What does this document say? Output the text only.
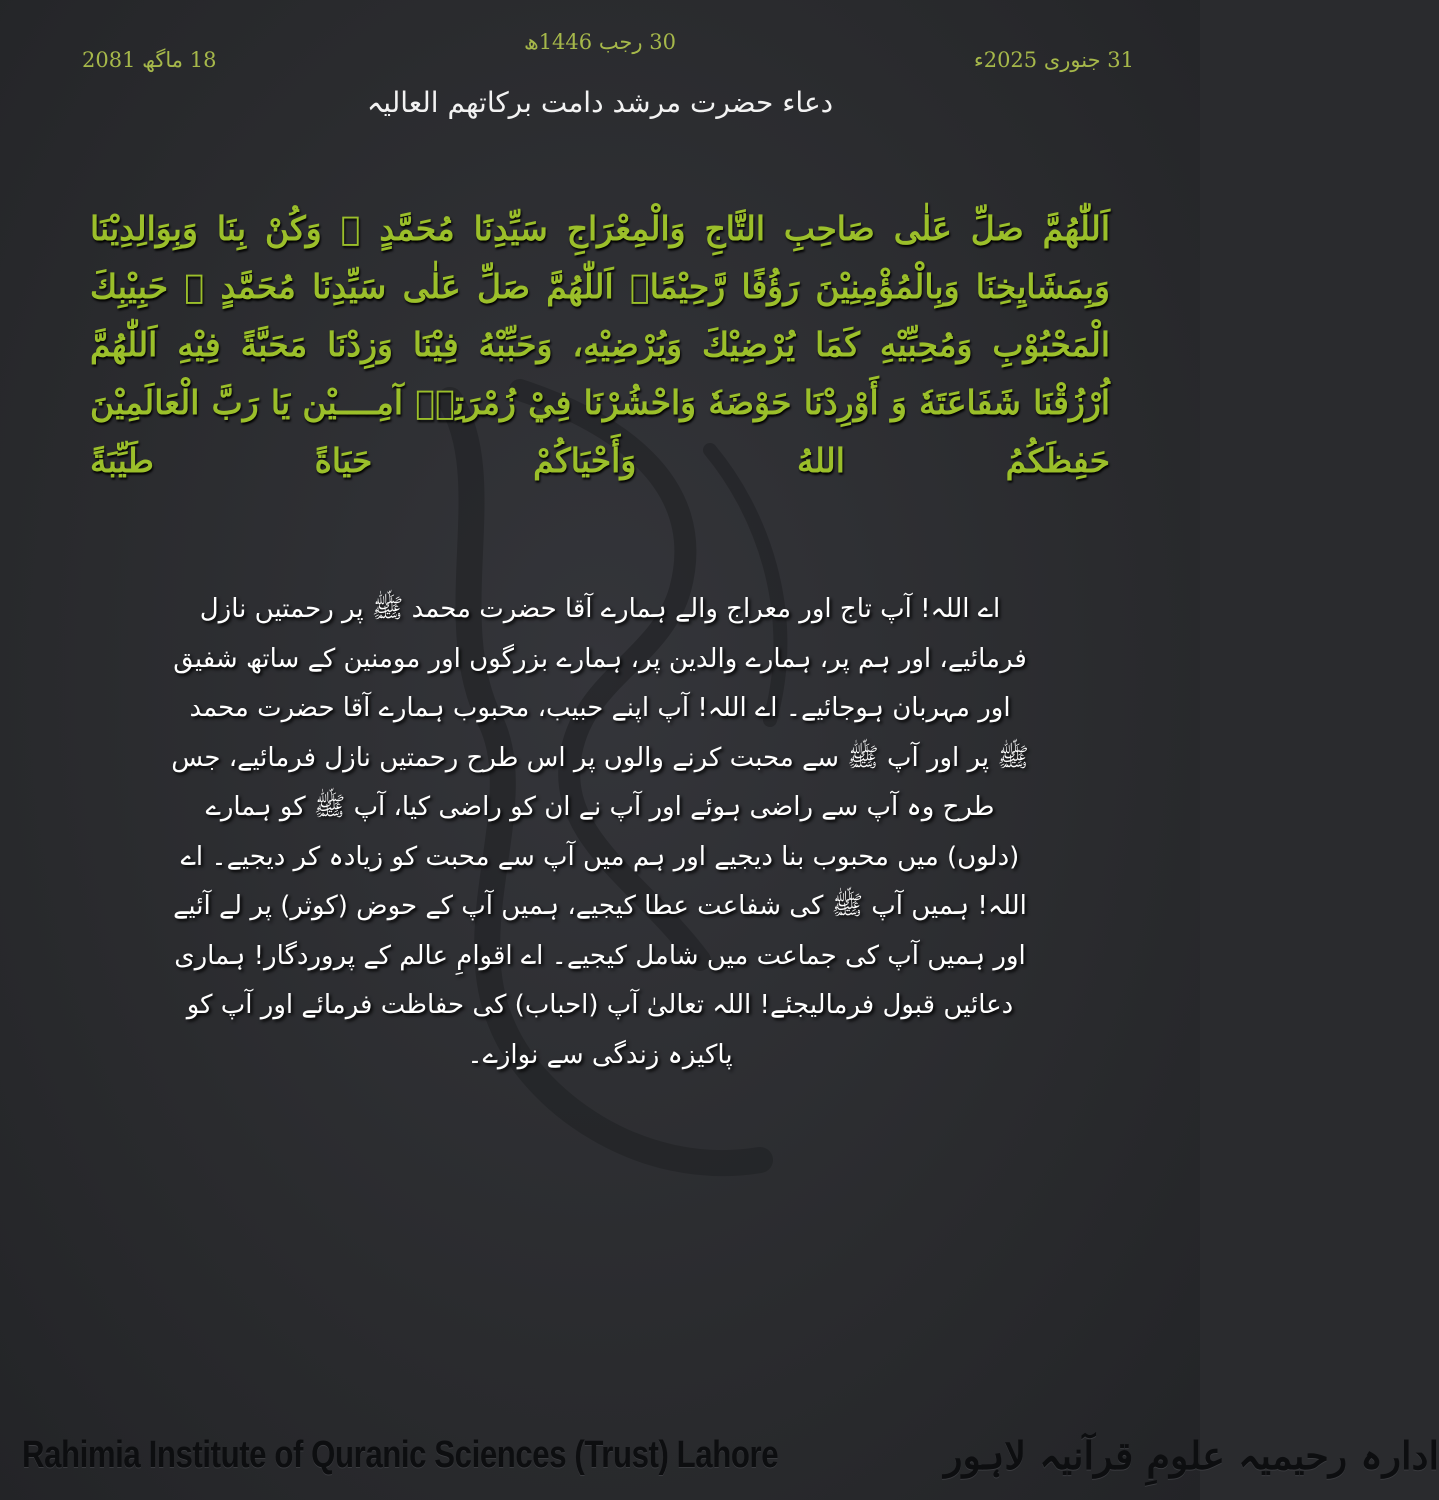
30 رجب 1446ھ
31 جنوری 2025ء
18 ماگھ 2081
دعاء حضرت مرشد دامت برکاتھم العالیہ
اَللّٰهُمَّ صَلِّ عَلٰى صَاحِبِ التَّاجِ وَالْمِعْرَاجِ سَيِّدِنَا مُحَمَّدٍ ﷺ وَكُنْ بِنَا وَبِوَالِدِيْنَا وَبِمَشَايِخِنَا وَبِالْمُؤْمِنِيْنَ رَؤُفًا رَّحِيْمًا۔ اَللّٰهُمَّ صَلِّ عَلٰى سَيِّدِنَا مُحَمَّدٍ ﷺ حَبِيْبِكَ الْمَحْبُوْبِ وَمُحِبِّيْهِ كَمَا يُرْضِيْكَ وَيُرْضِيْهِ، وَحَبِّبْهُ فِيْنَا وَزِدْنَا مَحَبَّةً فِيْهِ اَللّٰهُمَّ اُرْزُقْنَا شَفَاعَتَهٗ وَ أَوْرِدْنَا حَوْضَهٗ وَاحْشُرْنَا فِيْ زُمْرَتِهٖ آمِــــيْن يَا رَبَّ الْعَالَمِيْنَ حَفِظَكُمُ اللهُ وَأَحْيَاكُمْ حَيَاةً طَيِّبَةً
اے اللہ! آپ تاج اور معراج والے ہمارے آقا حضرت محمد ﷺ پر رحمتیں نازل فرمائیے، اور ہم پر، ہمارے والدین پر، ہمارے بزرگوں اور مومنین کے ساتھ شفیق اور مہربان ہوجائیے۔ اے اللہ! آپ اپنے حبیب، محبوب ہمارے آقا حضرت محمد ﷺ پر اور آپ ﷺ سے محبت کرنے والوں پر اس طرح رحمتیں نازل فرمائیے، جس طرح وہ آپ سے راضی ہوئے اور آپ نے ان کو راضی کیا، آپ ﷺ کو ہمارے (دلوں) میں محبوب بنا دیجیے اور ہم میں آپ سے محبت کو زیادہ کر دیجیے۔ اے اللہ! ہمیں آپ ﷺ کی شفاعت عطا کیجیے، ہمیں آپ کے حوض (کوثر) پر لے آئیے اور ہمیں آپ کی جماعت میں شامل کیجیے۔ اے اقوامِ عالم کے پروردگار! ہماری دعائیں قبول فرمالیجئے! اللہ تعالیٰ آپ (احباب) کی حفاظت فرمائے اور آپ کو پاکیزہ زندگی سے نوازے۔
Rahimia Institute of Quranic Sciences (Trust) Lahore	ادارہ رحیمیہ علومِ قرآنیہ لاہور
